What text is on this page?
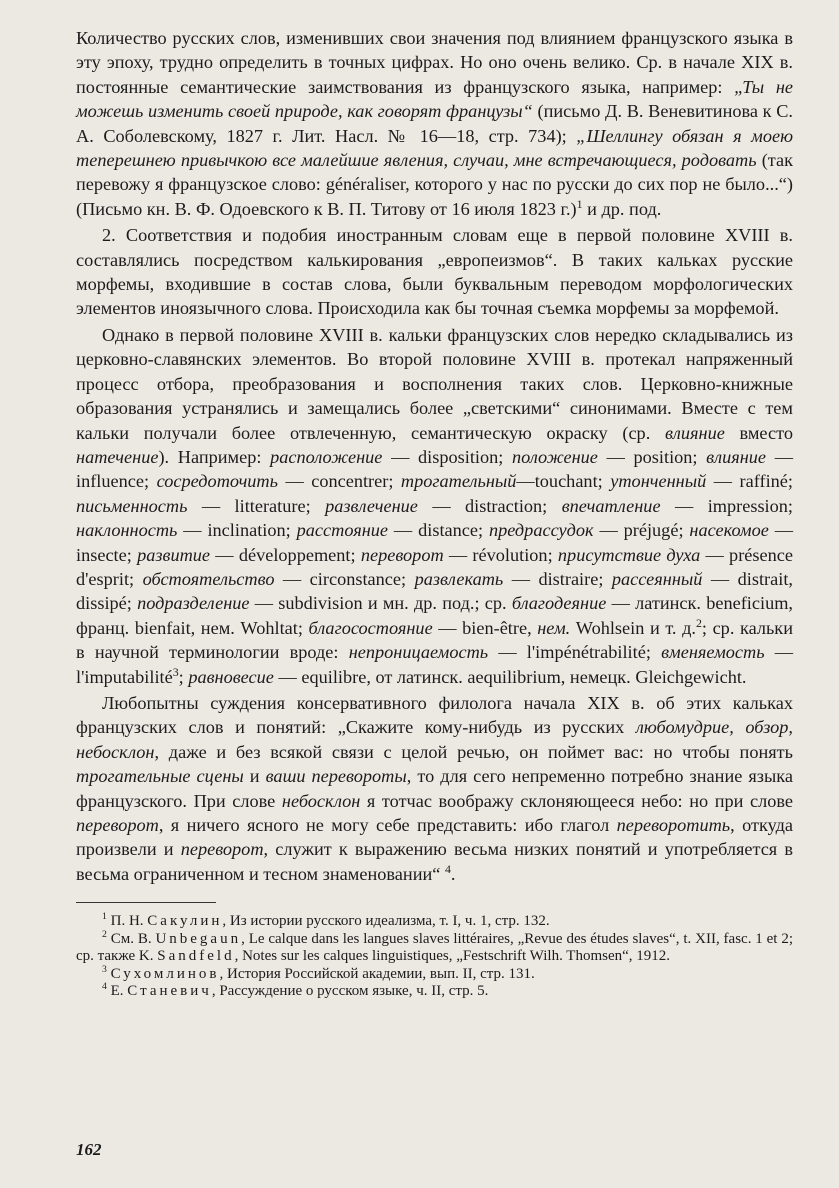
Количество русских слов, изменивших свои значения под влиянием французского языка в эту эпоху, трудно определить в точных цифрах. Но оно очень велико. Ср. в начале XIX в. постоянные семантические заимствования из французского языка, например: „Ты не можешь изменить своей природе, как говорят французы“ (письмо Д. В. Веневитинова к С. А. Соболевскому, 1827 г. Лит. Насл. № 16—18, стр. 734); „Шеллингу обязан я моею теперешнею привычкою все малейшие явления, случаи, мне встречающиеся, родовать (так перевожу я французское слово: généraliser, которого у нас по русски до сих пор не было...“) (Письмо кн. В. Ф. Одоевского к В. П. Титову от 16 июля 1823 г.)$^1$ и др. под.

2. Соответствия и подобия иностранным словам еще в первой половине XVIII в. составлялись посредством калькирования „европеизмов“. В таких кальках русские морфемы, входившие в состав слова, были буквальным переводом морфологических элементов иноязычного слова. Происходила как бы точная съемка морфемы за морфемой.

Однако в первой половине XVIII в. кальки французских слов нередко складывались из церковно-славянских элементов. Во второй половине XVIII в. протекал напряженный процесс отбора, преобразования и восполнения таких слов. Церковно-книжные образования устранялись и замещались более „светскими“ синонимами. Вместе с тем кальки получали более отвлеченную, семантическую окраску (ср. влияние вместо натечение). Например: расположение — disposition; положение — position; влияние — influence; сосредоточить — concentrer; трогательный—touchant; утонченный — raffiné; письменность — litterature; развлечение — distraction; впечатление — impression; наклонность — inclination; расстояние — distance; предрассудок — préjugé; насекомое — insecte; развитие — développement; переворот — révolution; присутствие духа — présence d'esprit; обстоятельство — circonstance; развлекать — distraire; рассеянный — distrait, dissipé; подразделение — subdivision и мн. др. под.; ср. благодеяние — латинск. beneficium, франц. bienfait, нем. Wohltat; благосостояние — bien-être, нем. Wohlsein и т. д.$^2$; ср. кальки в научной терминологии вроде: непроницаемость — l'impénétrabilité; вменяемость — l'imputabilité$^3$; равновесие — equilibre, от латинск. aequilibrium, немецк. Gleichgewicht.

Любопытны суждения консервативного филолога начала XIX в. об этих кальках французских слов и понятий: „Скажите кому-нибудь из русских любомудрие, обзор, небосклон, даже и без всякой связи с целой речью, он поймет вас: но чтобы понять трогательные сцены и ваши перевороты, то для сего непременно потребно знание языка французского. При слове небосклон я тотчас воображу склоняющееся небо: но при слове переворот, я ничего ясного не могу себе представить: ибо глагол переворотить, откуда произвели и переворот, служит к выражению весьма низких понятий и употребляется в весьма ограниченном и тесном знаменовании“ $^4$.

$^1$ П. Н. Сакулин, Из истории русского идеализма, т. I, ч. 1, стр. 132.

$^2$ См. B. Unbegaun, Le calque dans les langues slaves littéraires, „Revue des études slaves“, t. XII, fasc. 1 et 2; ср. также K. Sandfeld, Notes sur les calques linguistiques, „Festschrift Wilh. Thomsen“, 1912.

$^3$ Сухомлинов, История Российской академии, вып. II, стр. 131.

$^4$ Е. Станевич, Рассуждение о русском языке, ч. II, стр. 5.

162
